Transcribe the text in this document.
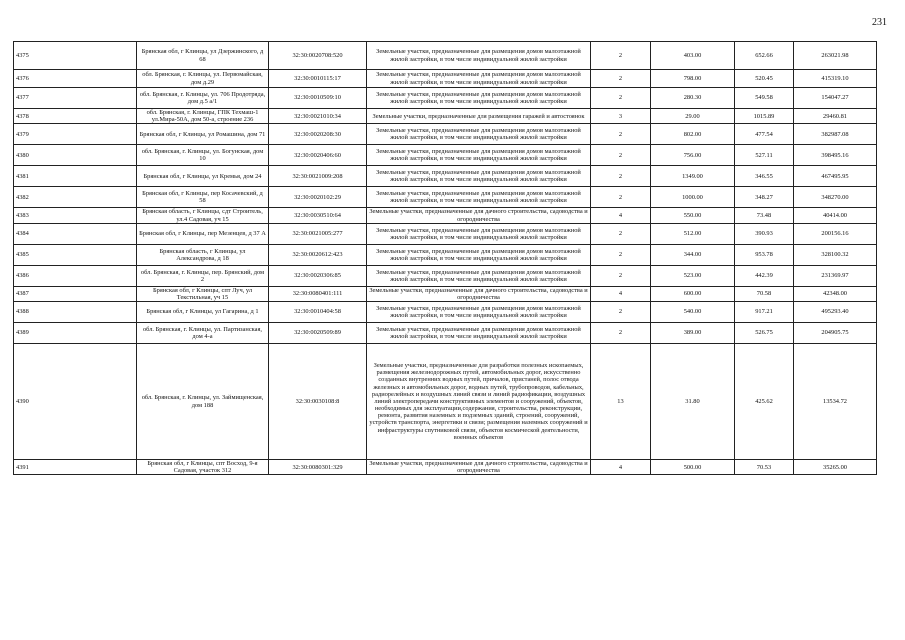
231
4375	Брянская обл, г Клинцы, ул Дзержинского, д 68	32:30:0020708:520	Земельные участки, предназначенные для размещения домов малоэтажной жилой застройки, в том числе индивидуальной жилой застройки	2	403.00	652.66	263021.98
4376	обл. Брянская, г. Клинцы, ул. Первомайская, дом д.29	32:30:0010115:17	Земельные участки, предназначенные для размещения домов малоэтажной жилой застройки, в том числе индивидуальной жилой застройки	2	798.00	520.45	415319.10
4377	обл. Брянская, г. Клинцы, ул. 706 Продотряда, дом д.5 а/1	32:30:0010509:10	Земельные участки, предназначенные для размещения домов малоэтажной жилой застройки, в том числе индивидуальной жилой застройки	2	280.30	549.58	154047.27
4378	обл. Брянская, г. Клинцы, ГПК Техмаш-1 ул.Мира-50А, дом 50-а, строение 236	32:30:0021010:34	Земельные участки, предназначенные для размещения гаражей и автостоянок	3	29.00	1015.89	29460.81
4379	Брянская обл, г Клинцы, ул Ромашина, дом 71	32:30:0020208:30	Земельные участки, предназначенные для размещения домов малоэтажной жилой застройки, в том числе индивидуальной жилой застройки	2	802.00	477.54	382987.08
4380	обл. Брянская, г. Клинцы, ул. Богунская, дом 10	32:30:0020406:60	Земельные участки, предназначенные для размещения домов малоэтажной жилой застройки, в том числе индивидуальной жилой застройки	2	756.00	527.11	398495.16
4381	Брянская обл, г Клинцы, ул Кремья, дом 24	32:30:0021009:208	Земельные участки, предназначенные для размещения домов малоэтажной жилой застройки, в том числе индивидуальной жилой застройки	2	1349.00	346.55	467495.95
4382	Брянская обл, г Клинцы, пер Косачевский, д 58	32:30:0020102:29	Земельные участки, предназначенные для размещения домов малоэтажной жилой застройки, в том числе индивидуальной жилой застройки	2	1000.00	348.27	348270.00
4383	Брянская область, г Клинцы, сдт Строитель, ул.4 Садовая, уч 15	32:30:0030510:64	Земельные участки, предназначенные для дачного строительства, садоводства и огородничества	4	550.00	73.48	40414.00
4384	Брянская обл, г Клинцы, пер Мезенцев, д 37 А	32:30:0021005:277	Земельные участки, предназначенные для размещения домов малоэтажной жилой застройки, в том числе индивидуальной жилой застройки	2	512.00	390.93	200156.16
4385	Брянская область, г Клинцы, ул Александрова, д 18	32:30:0020612:423	Земельные участки, предназначенные для размещения домов малоэтажной жилой застройки, в том числе индивидуальной жилой застройки	2	344.00	953.78	328100.32
4386	обл. Брянская, г. Клинцы, пер. Брянский, дом 2	32:30:0020306:85	Земельные участки, предназначенные для размещения домов малоэтажной жилой застройки, в том числе индивидуальной жилой застройки	2	523.00	442.39	231369.97
4387	Брянская обл, г Клинцы, спт Луч, ул Текстильная, уч 15	32:30:0080401:111	Земельные участки, предназначенные для дачного строительства, садоводства и огородничества	4	600.00	70.58	42348.00
4388	Брянская обл, г Клинцы, ул Гагарина, д 1	32:30:0010404:58	Земельные участки, предназначенные для размещения домов малоэтажной жилой застройки, в том числе индивидуальной жилой застройки	2	540.00	917.21	495293.40
4389	обл. Брянская, г. Клинцы, ул. Партизанская, дом 4-а	32:30:0020509:89	Земельные участки, предназначенные для размещения домов малоэтажной жилой застройки, в том числе индивидуальной жилой застройки	2	389.00	526.75	204905.75
4390	обл. Брянская, г. Клинцы, ул. Займищенская, дом 188	32:30:0030108:8	Земельные участки, предназначенные для разработки полезных ископаемых, размещения железнодорожных путей, автомобильных дорог, искусственно созданных внутренних водных путей, причалов, пристаней, полос отвода железных и автомобильных дорог, водных путей, трубопроводов, кабельных, радиорелейных и воздушных линий связи и линий радиофикации, воздушных линий электропередачи конструктивных элементов и сооружений, объектов, необходимых для эксплуатации,содержания, строительства, реконструкции, ремонта, развития наземных и подземных зданий, строений, сооружений, устройств транспорта, энергетики и связи; размещения наземных сооружений и инфраструктуры спутниковой связи, объектов космической деятельности, военных объектов	13	31.80	425.62	13534.72
4391	Брянская обл, г Клинцы, спт Восход, 9-я Садовая, участок 312	32:30:0080301:329	Земельные участки, предназначенные для дачного строительства, садоводства и огородничества	4	500.00	70.53	35265.00
